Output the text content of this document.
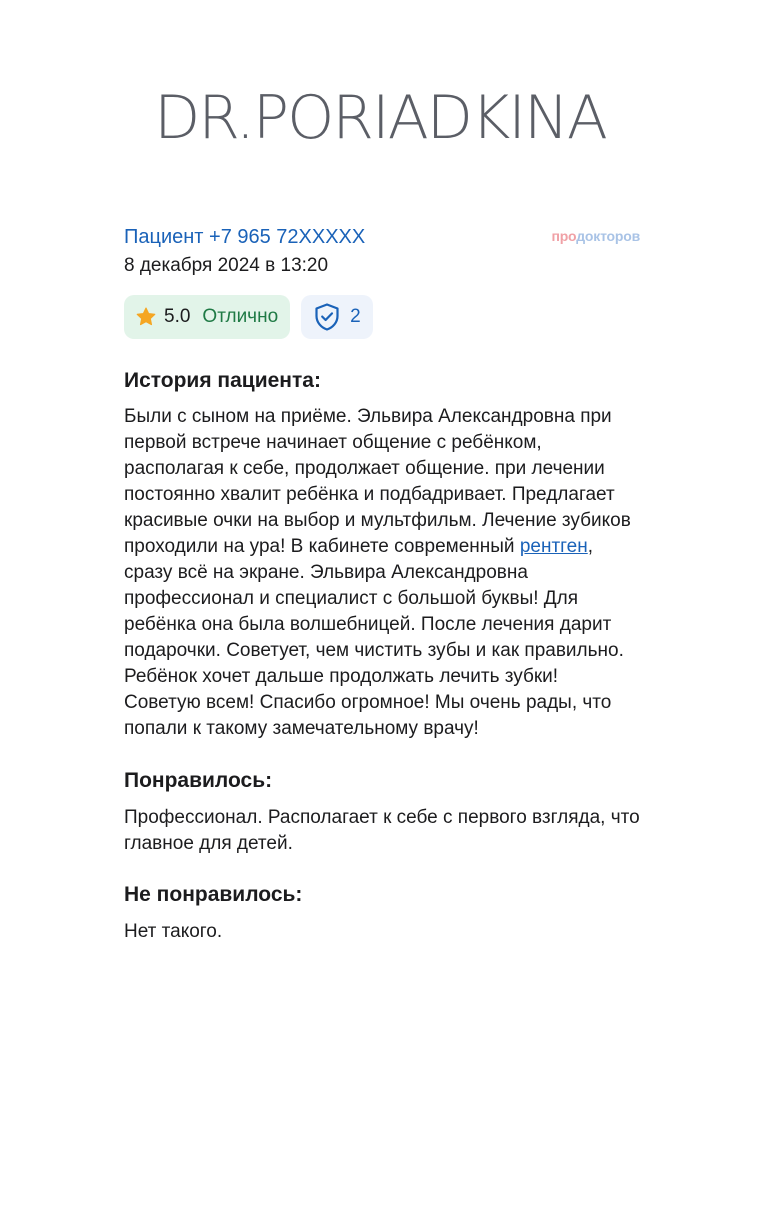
DR.PORIADKINA
Пациент +7 965 72XXXXX	продокторов
8 декабря 2024 в 13:20
5.0 Отлично	2
История пациента:

Были с сыном на приёме. Эльвира Александровна при первой встрече начинает общение с ребёнком, располагая к себе, продолжает общение. при лечении постоянно хвалит ребёнка и подбадривает. Предлагает красивые очки на выбор и мультфильм. Лечение зубиков проходили на ура! В кабинете современный рентген, сразу всё на экране. Эльвира Александровна профессионал и специалист с большой буквы! Для ребёнка она была волшебницей. После лечения дарит подарочки. Советует, чем чистить зубы и как правильно. Ребёнок хочет дальше продолжать лечить зубки! Советую всем! Спасибо огромное! Мы очень рады, что попали к такому замечательному врачу!

Понравилось:

Профессионал. Располагает к себе с первого взгляда, что главное для детей.

Не понравилось:

Нет такого.
